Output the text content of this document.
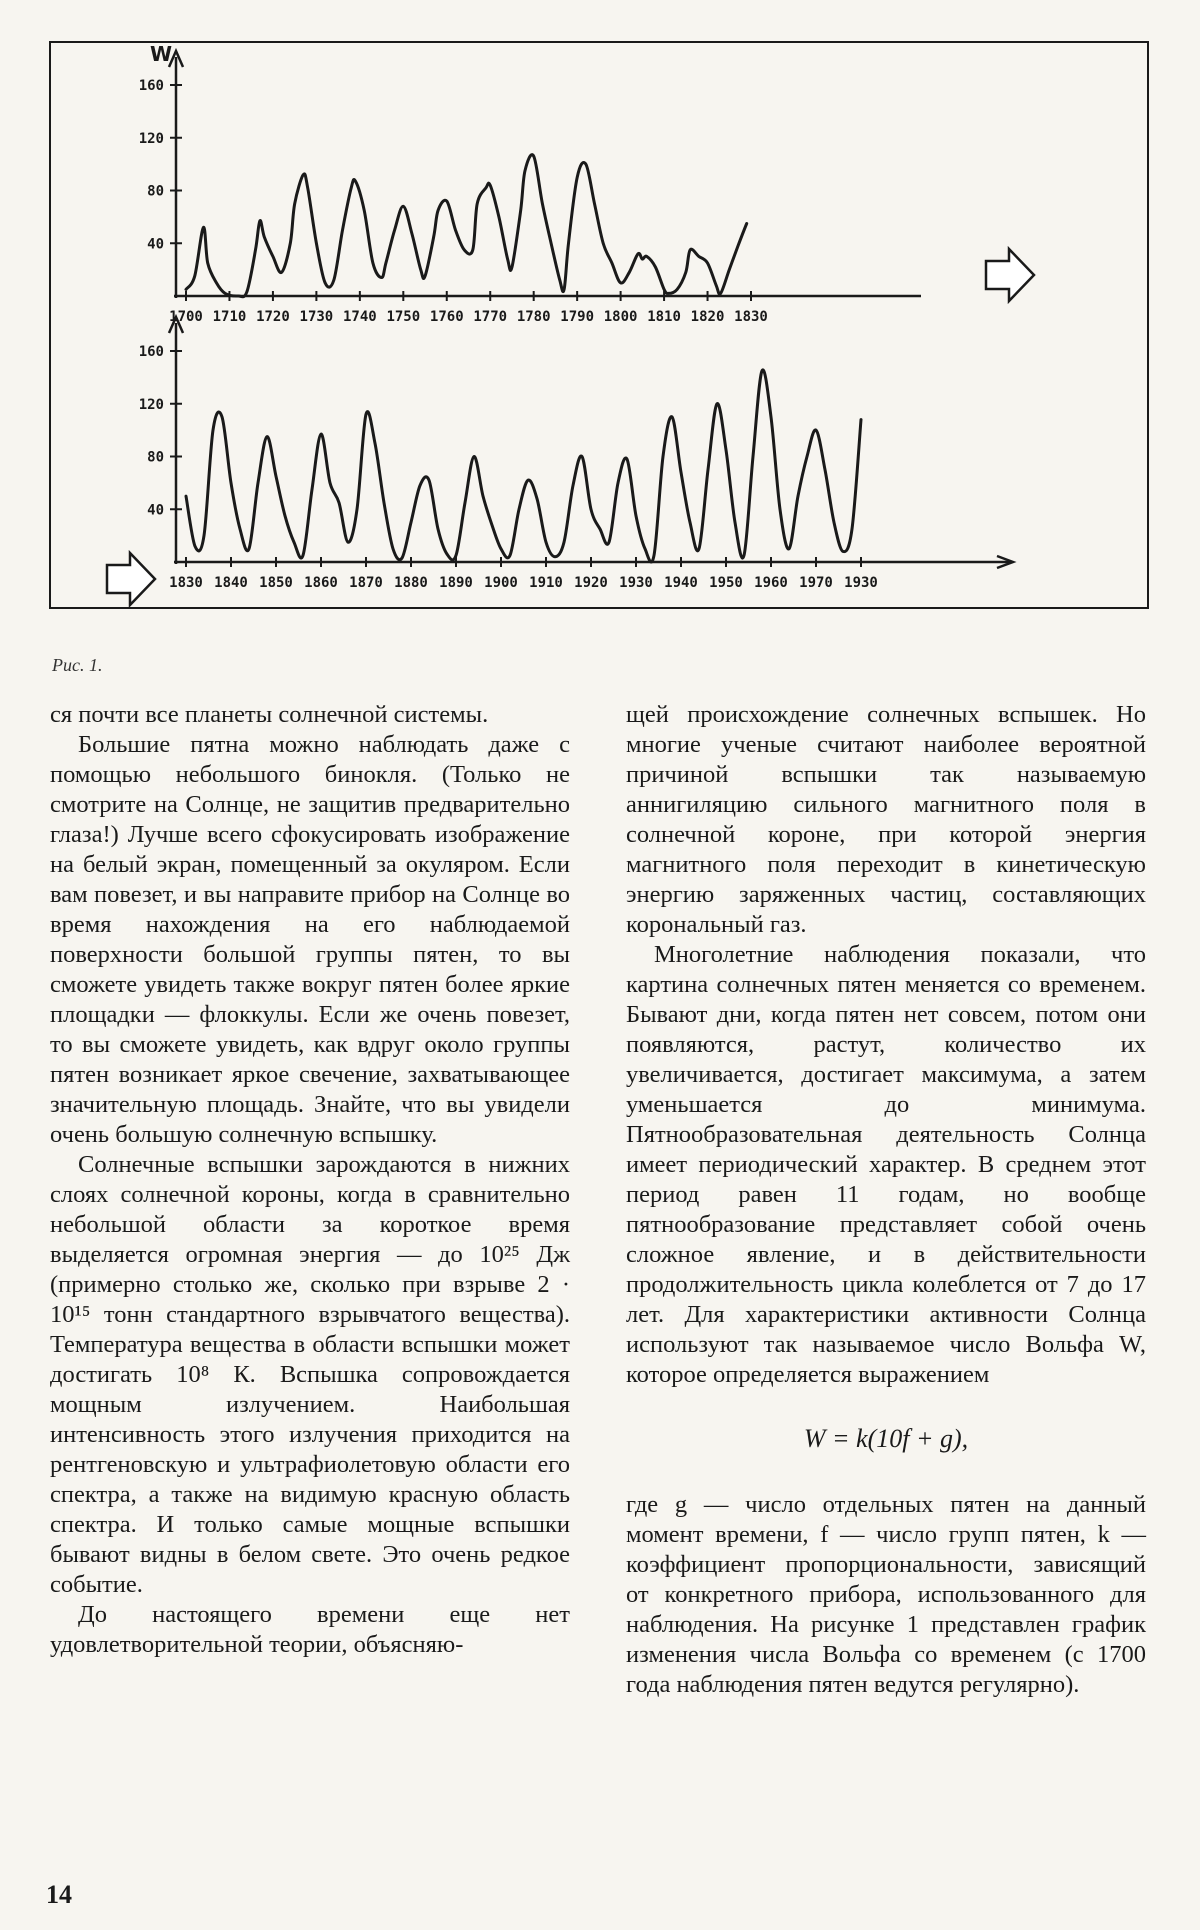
W
160
120
80
40
1700 1710 1720 1730 1740 1750 1760 1770 1780 1790 1800 1810 1820 1830
160
120
80
40
1830 1840 1850 1860 1870 1880 1890 1900 1910 1920 1930 1940 1950 1960 1970 1930
Рис. 1.

ся почти все планеты солнечной системы.

Большие пятна можно наблюдать даже с помощью небольшого бинокля. (Только не смотрите на Солнце, не защитив предварительно глаза!) Лучше всего сфокусировать изображение на белый экран, помещенный за окуляром. Если вам повезет, и вы направите прибор на Солнце во время нахождения на его наблюдаемой поверхности большой группы пятен, то вы сможете увидеть также вокруг пятен более яркие площадки — флоккулы. Если же очень повезет, то вы сможете увидеть, как вдруг около группы пятен возникает яркое свечение, захватывающее значительную площадь. Знайте, что вы увидели очень большую солнечную вспышку.

Солнечные вспышки зарождаются в нижних слоях солнечной короны, когда в сравнительно небольшой области за короткое время выделяется огромная энергия — до 10²⁵ Дж (примерно столько же, сколько при взрыве 2 · 10¹⁵ тонн стандартного взрывчатого вещества). Температура вещества в области вспышки может достигать 10⁸ К. Вспышка сопровождается мощным излучением. Наибольшая интенсивность этого излучения приходится на рентгеновскую и ультрафиолетовую области его спектра, а также на видимую красную область спектра. И только самые мощные вспышки бывают видны в белом свете. Это очень редкое событие.

До настоящего времени еще нет удовлетворительной теории, объясняю-

щей происхождение солнечных вспышек. Но многие ученые считают наиболее вероятной причиной вспышки так называемую аннигиляцию сильного магнитного поля в солнечной короне, при которой энергия магнитного поля переходит в кинетическую энергию заряженных частиц, составляющих корональный газ.

Многолетние наблюдения показали, что картина солнечных пятен меняется со временем. Бывают дни, когда пятен нет совсем, потом они появляются, растут, количество их увеличивается, достигает максимума, а затем уменьшается до минимума. Пятнообразовательная деятельность Солнца имеет периодический характер. В среднем этот период равен 11 годам, но вообще пятнообразование представляет собой очень сложное явление, и в действительности продолжительность цикла колеблется от 7 до 17 лет. Для характеристики активности Солнца используют так называемое число Вольфа W, которое определяется выражением

W = k(10f + g),

где g — число отдельных пятен на данный момент времени, f — число групп пятен, k — коэффициент пропорциональности, зависящий от конкретного прибора, использованного для наблюдения. На рисунке 1 представлен график изменения числа Вольфа со временем (с 1700 года наблюдения пятен ведутся регулярно).

14
